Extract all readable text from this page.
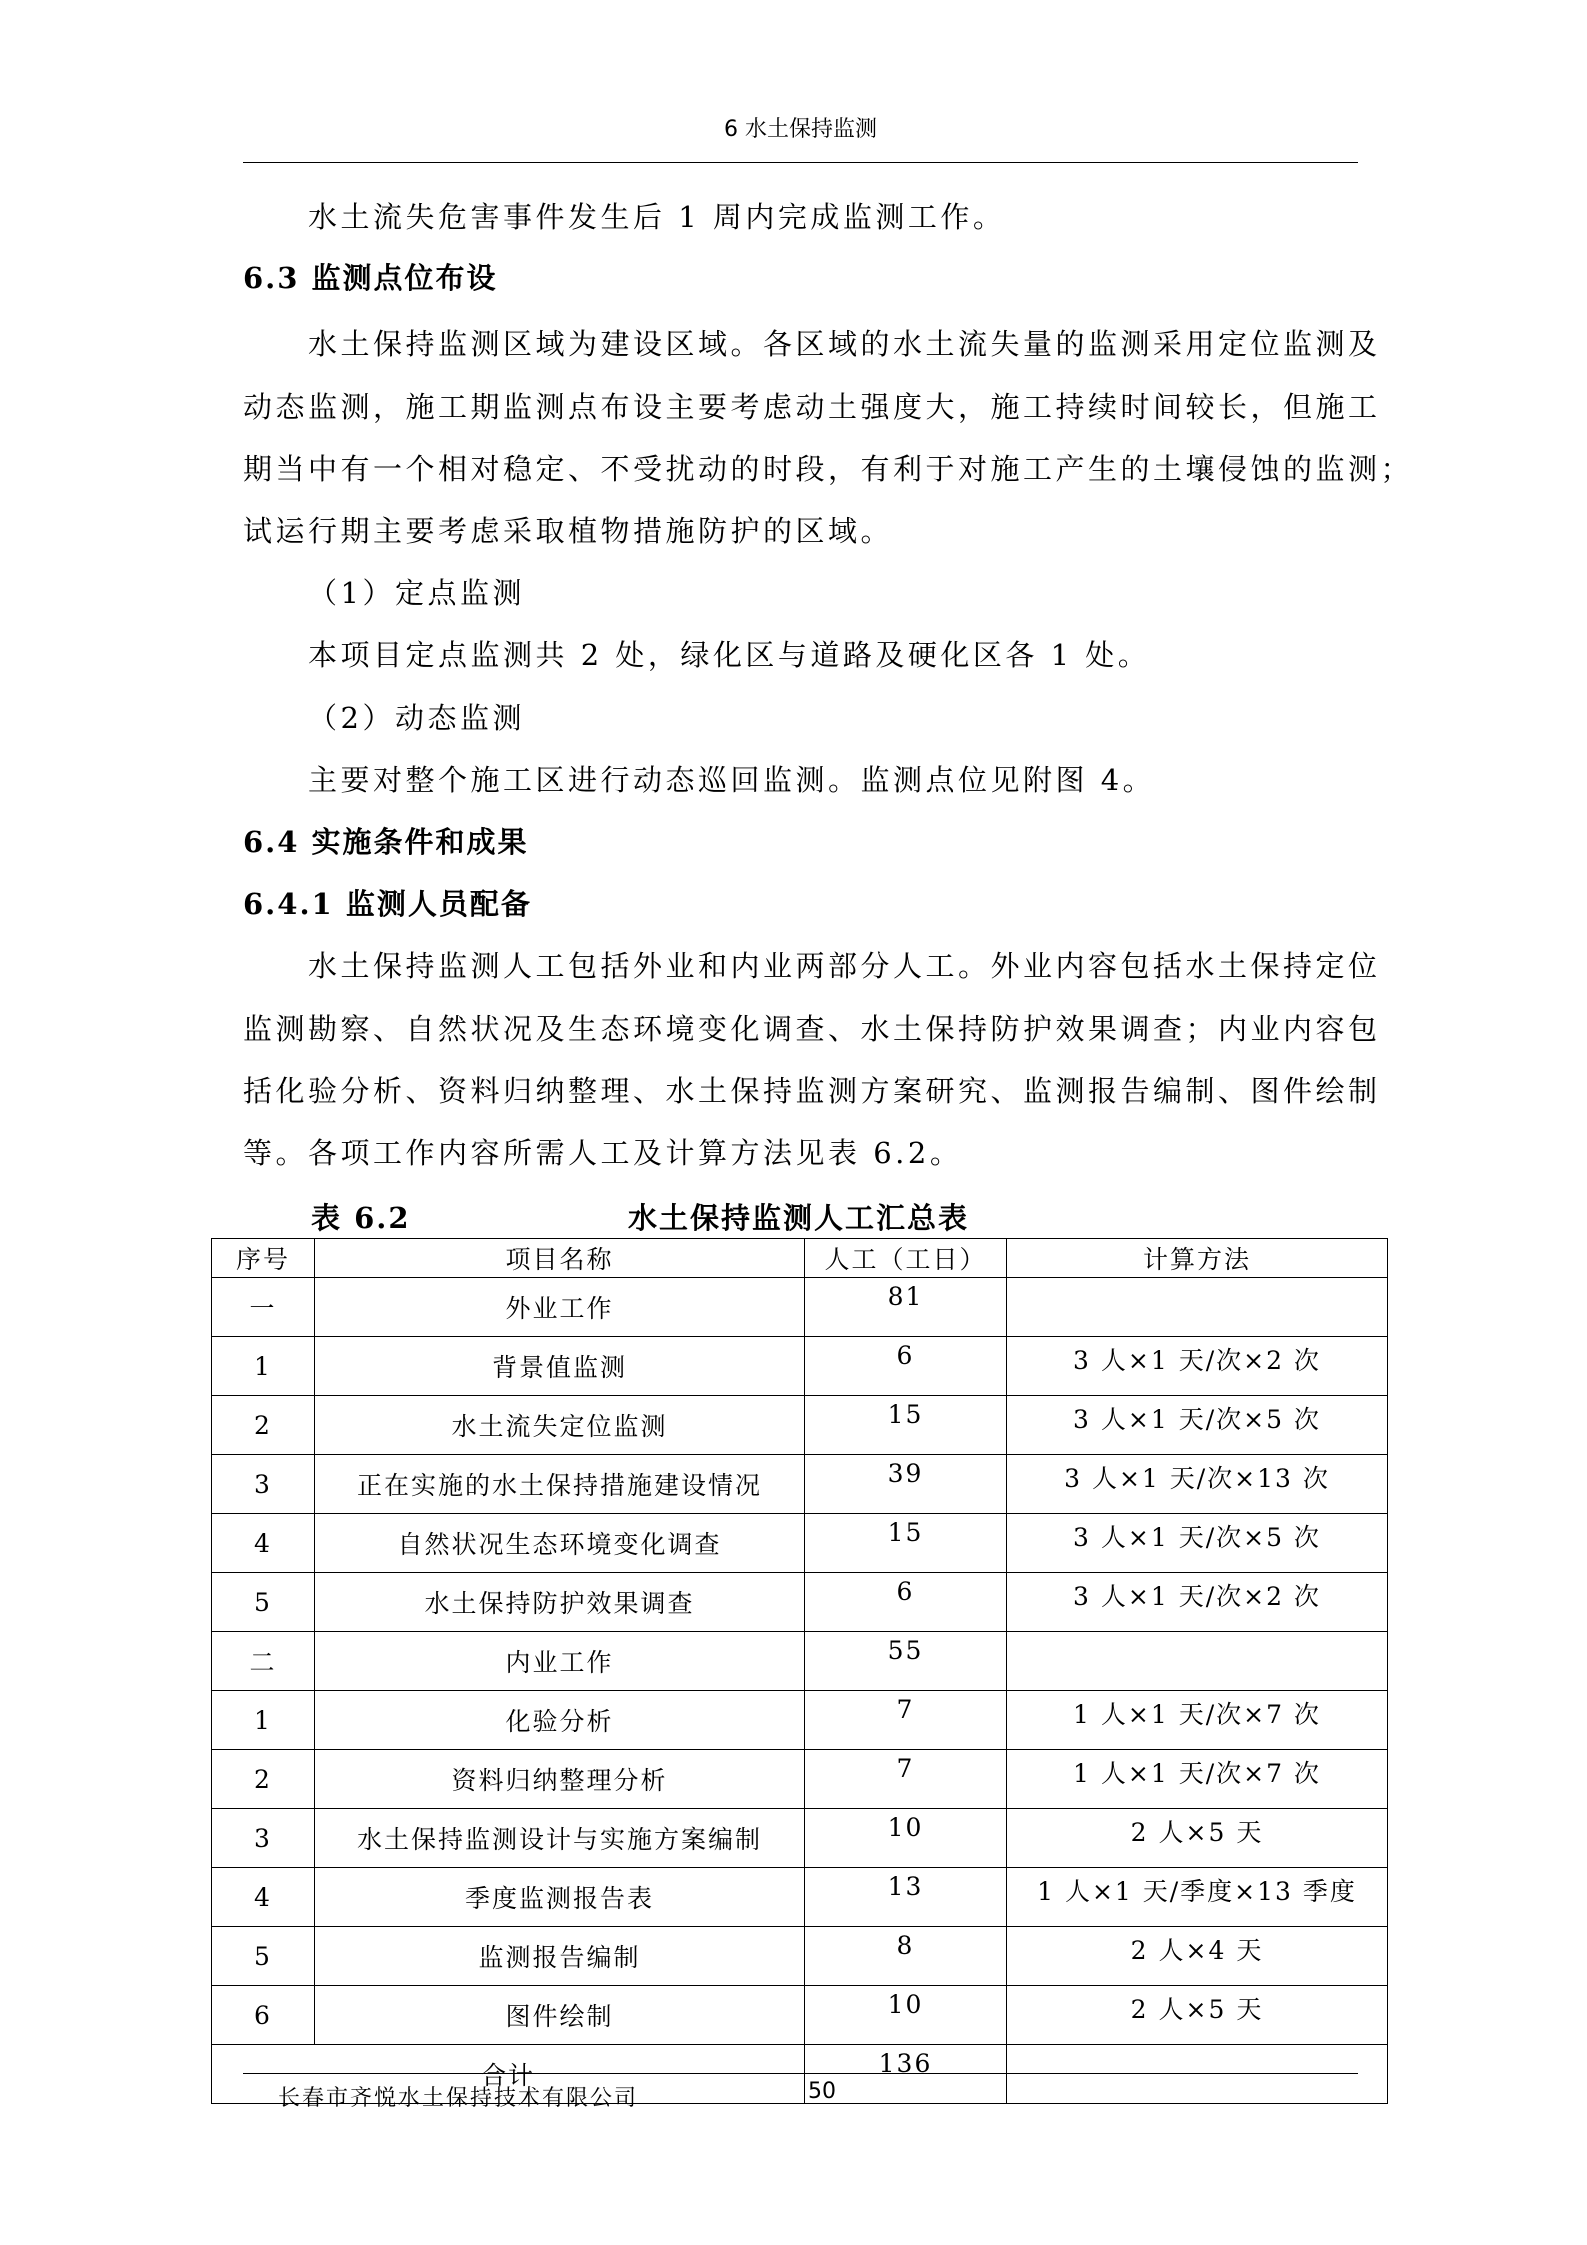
6 水土保持监测
水土流失危害事件发生后 1 周内完成监测工作。
6.3 监测点位布设
水土保持监测区域为建设区域。各区域的水土流失量的监测采用定位监测及
动态监测，施工期监测点布设主要考虑动土强度大，施工持续时间较长，但施工
期当中有一个相对稳定、不受扰动的时段，有利于对施工产生的土壤侵蚀的监测；
试运行期主要考虑采取植物措施防护的区域。
（1）定点监测
本项目定点监测共 2 处，绿化区与道路及硬化区各 1 处。
（2）动态监测
主要对整个施工区进行动态巡回监测。监测点位见附图 4。
6.4 实施条件和成果
6.4.1 监测人员配备
水土保持监测人工包括外业和内业两部分人工。外业内容包括水土保持定位
监测勘察、自然状况及生态环境变化调查、水土保持防护效果调查；内业内容包
括化验分析、资料归纳整理、水土保持监测方案研究、监测报告编制、图件绘制
等。各项工作内容所需人工及计算方法见表 6.2。
表 6.2	水土保持监测人工汇总表
序号	项目名称	人工（工日）	计算方法
一	外业工作	81	
1	背景值监测	6	3 人×1 天/次×2 次
2	水土流失定位监测	15	3 人×1 天/次×5 次
3	正在实施的水土保持措施建设情况	39	3 人×1 天/次×13 次
4	自然状况生态环境变化调查	15	3 人×1 天/次×5 次
5	水土保持防护效果调查	6	3 人×1 天/次×2 次
二	内业工作	55	
1	化验分析	7	1 人×1 天/次×7 次
2	资料归纳整理分析	7	1 人×1 天/次×7 次
3	水土保持监测设计与实施方案编制	10	2 人×5 天
4	季度监测报告表	13	1 人×1 天/季度×13 季度
5	监测报告编制	8	2 人×4 天
6	图件绘制	10	2 人×5 天
合计		136	
长春市齐悦水土保持技术有限公司	50
